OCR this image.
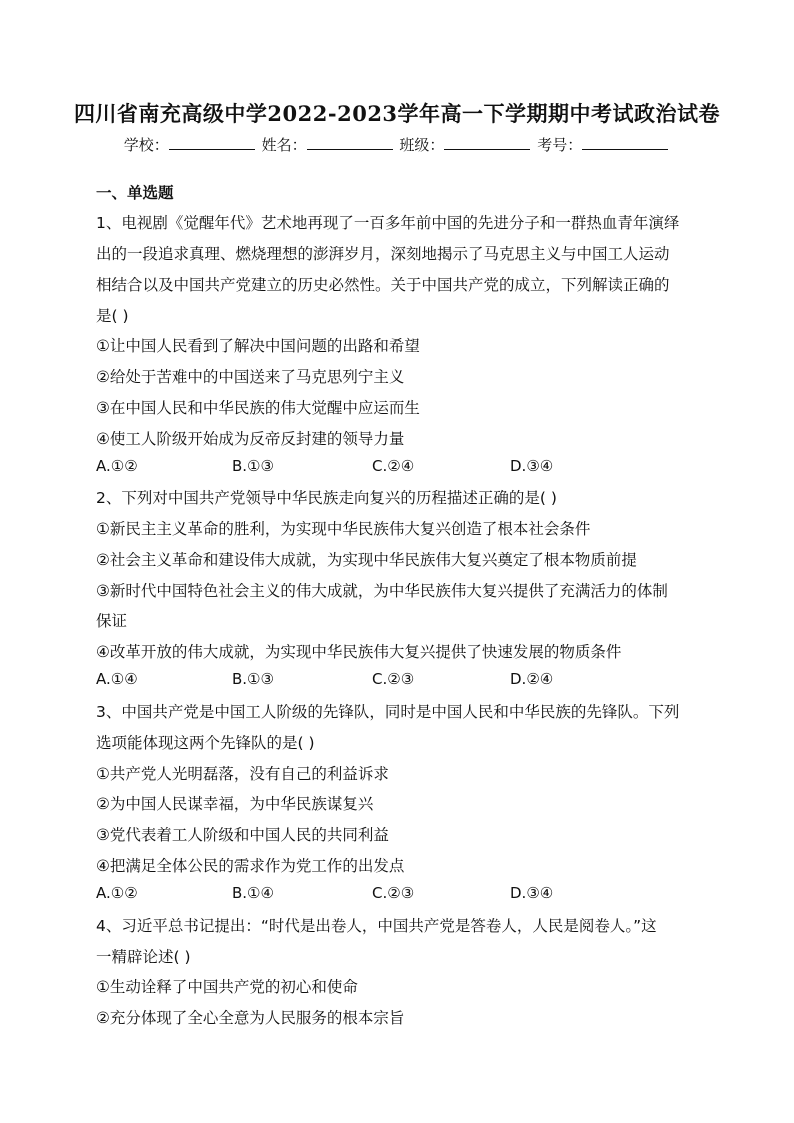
四川省南充高级中学2022-2023学年高一下学期期中考试政治试卷
学校：	姓名：	班级：	考号：
一、单选题
1、电视剧《觉醒年代》艺术地再现了一百多年前中国的先进分子和一群热血青年演绎
出的一段追求真理、燃烧理想的澎湃岁月，深刻地揭示了马克思主义与中国工人运动
相结合以及中国共产党建立的历史必然性。关于中国共产党的成立，下列解读正确的
是( )
①让中国人民看到了解决中国问题的出路和希望
②给处于苦难中的中国送来了马克思列宁主义
③在中国人民和中华民族的伟大觉醒中应运而生
④使工人阶级开始成为反帝反封建的领导力量
A.①②	B.①③	C.②④	D.③④
2、下列对中国共产党领导中华民族走向复兴的历程描述正确的是( )
①新民主主义革命的胜利，为实现中华民族伟大复兴创造了根本社会条件
②社会主义革命和建设伟大成就，为实现中华民族伟大复兴奠定了根本物质前提
③新时代中国特色社会主义的伟大成就，为中华民族伟大复兴提供了充满活力的体制
保证
④改革开放的伟大成就，为实现中华民族伟大复兴提供了快速发展的物质条件
A.①④	B.①③	C.②③	D.②④
3、中国共产党是中国工人阶级的先锋队，同时是中国人民和中华民族的先锋队。下列
选项能体现这两个先锋队的是( )
①共产党人光明磊落，没有自己的利益诉求
②为中国人民谋幸福，为中华民族谋复兴
③党代表着工人阶级和中国人民的共同利益
④把满足全体公民的需求作为党工作的出发点
A.①②	B.①④	C.②③	D.③④
4、习近平总书记提出：“时代是出卷人，中国共产党是答卷人，人民是阅卷人。”这
一精辟论述( )
①生动诠释了中国共产党的初心和使命
②充分体现了全心全意为人民服务的根本宗旨
